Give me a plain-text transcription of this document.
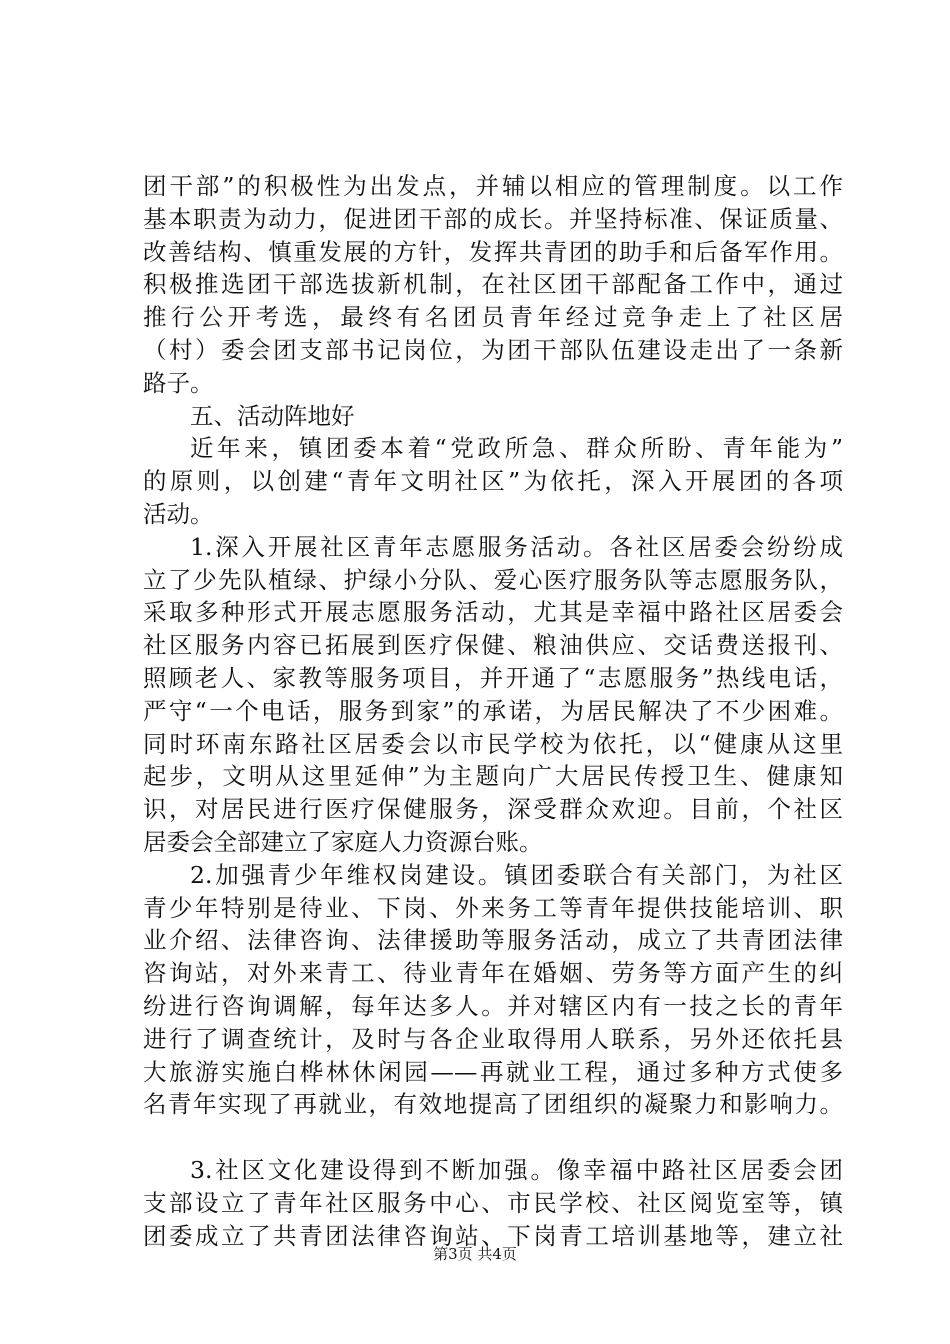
团干部”的积极性为出发点，并辅以相应的管理制度。以工作
基本职责为动力，促进团干部的成长。并坚持标准、保证质量、
改善结构、慎重发展的方针，发挥共青团的助手和后备军作用。
积极推选团干部选拔新机制，在社区团干部配备工作中，通过
推行公开考选，最终有名团员青年经过竞争走上了社区居
（村）委会团支部书记岗位，为团干部队伍建设走出了一条新
路子。
五、活动阵地好
近年来，镇团委本着“党政所急、群众所盼、青年能为”
的原则，以创建“青年文明社区”为依托，深入开展团的各项
活动。
1.深入开展社区青年志愿服务活动。各社区居委会纷纷成
立了少先队植绿、护绿小分队、爱心医疗服务队等志愿服务队，
采取多种形式开展志愿服务活动，尤其是幸福中路社区居委会
社区服务内容已拓展到医疗保健、粮油供应、交话费送报刊、
照顾老人、家教等服务项目，并开通了“志愿服务”热线电话，
严守“一个电话，服务到家”的承诺，为居民解决了不少困难。
同时环南东路社区居委会以市民学校为依托，以“健康从这里
起步，文明从这里延伸”为主题向广大居民传授卫生、健康知
识，对居民进行医疗保健服务，深受群众欢迎。目前，个社区
居委会全部建立了家庭人力资源台账。
2.加强青少年维权岗建设。镇团委联合有关部门，为社区
青少年特别是待业、下岗、外来务工等青年提供技能培训、职
业介绍、法律咨询、法律援助等服务活动，成立了共青团法律
咨询站，对外来青工、待业青年在婚姻、劳务等方面产生的纠
纷进行咨询调解，每年达多人。并对辖区内有一技之长的青年
进行了调查统计，及时与各企业取得用人联系，另外还依托县
大旅游实施白桦林休闲园——再就业工程，通过多种方式使多
名青年实现了再就业，有效地提高了团组织的凝聚力和影响力。
3.社区文化建设得到不断加强。像幸福中路社区居委会团
支部设立了青年社区服务中心、市民学校、社区阅览室等，镇
团委成立了共青团法律咨询站、下岗青工培训基地等，建立社
第3页 共4页
